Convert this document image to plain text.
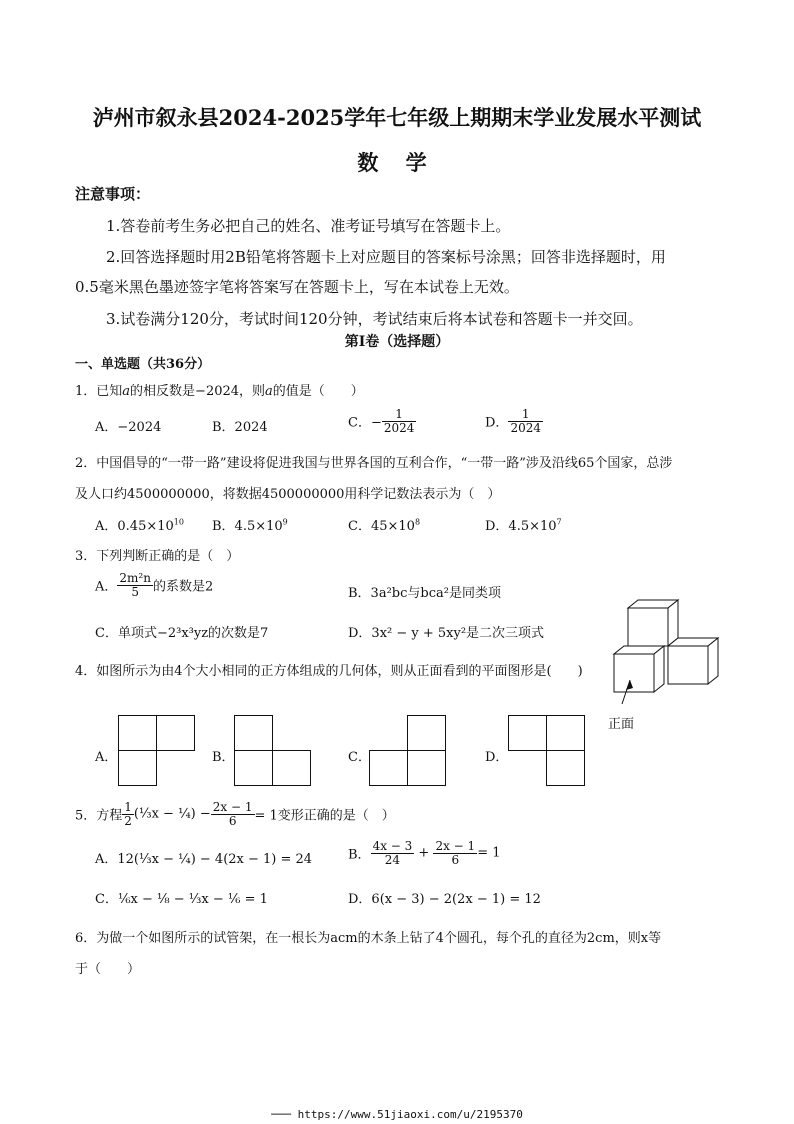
泸州市叙永县2024-2025学年七年级上期期末学业发展水平测试
数 学
注意事项：
1.答卷前考生务必把自己的姓名、准考证号填写在答题卡上。
2.回答选择题时用2B铅笔将答题卡上对应题目的答案标号涂黑；回答非选择题时，用
0.5毫米黑色墨迹签字笔将答案写在答题卡上，写在本试卷上无效。
3.试卷满分120分，考试时间120分钟，考试结束后将本试卷和答题卡一并交回。
第Ⅰ卷（选择题）
一、单选题（共36分）
1．已知a的相反数是−2024，则a的值是（　　）
A．−2024	B．2024	C．− $\frac{1}{2024}$	D． $\frac{1}{2024}$
2．中国倡导的“一带一路”建设将促进我国与世界各国的互利合作，“一带一路”涉及沿线65个国家，总涉
及人口约4500000000，将数据4500000000用科学记数法表示为（　）
A．$0.45\times 10^{10}$ B．$4.5\times 10^9$	C．$45\times 10^8$	D．$4.5\times 10^7$
3．下列判断正确的是（　）
A． $\frac{\text{2m²n}}{5}$ 的系数是2	B．3a²bc与bca²是同类项
C．单项式−2³x³yz的次数是7	D．3x² − y + 5xy²是二次三项式
正面
4．如图所示为由4个大小相同的正方体组成的几何体，则从正面看到的平面图形是(　　)
A．	B．	C．	D．
5．方程 $\frac{1}{2}$ (⅓x − ¼) − $\frac{2x - 1}{6} = 1$变形正确的是（　）
A．12(⅓x − ¼) − 4(2x − 1) = 24	B． $\frac{4x - 3}{24} + \frac{2x - 1}{6} = 1$
C．⅙x − ⅛ − ⅓x − ⅙ = 1	D．6(x − 3) − 2(2x − 1) = 12
6．为做一个如图所示的试管架，在一根长为acm的木条上钻了4个圆孔，每个孔的直径为2cm，则x等
于（　　）
─── https://www.51jiaoxi.com/u/2195370
